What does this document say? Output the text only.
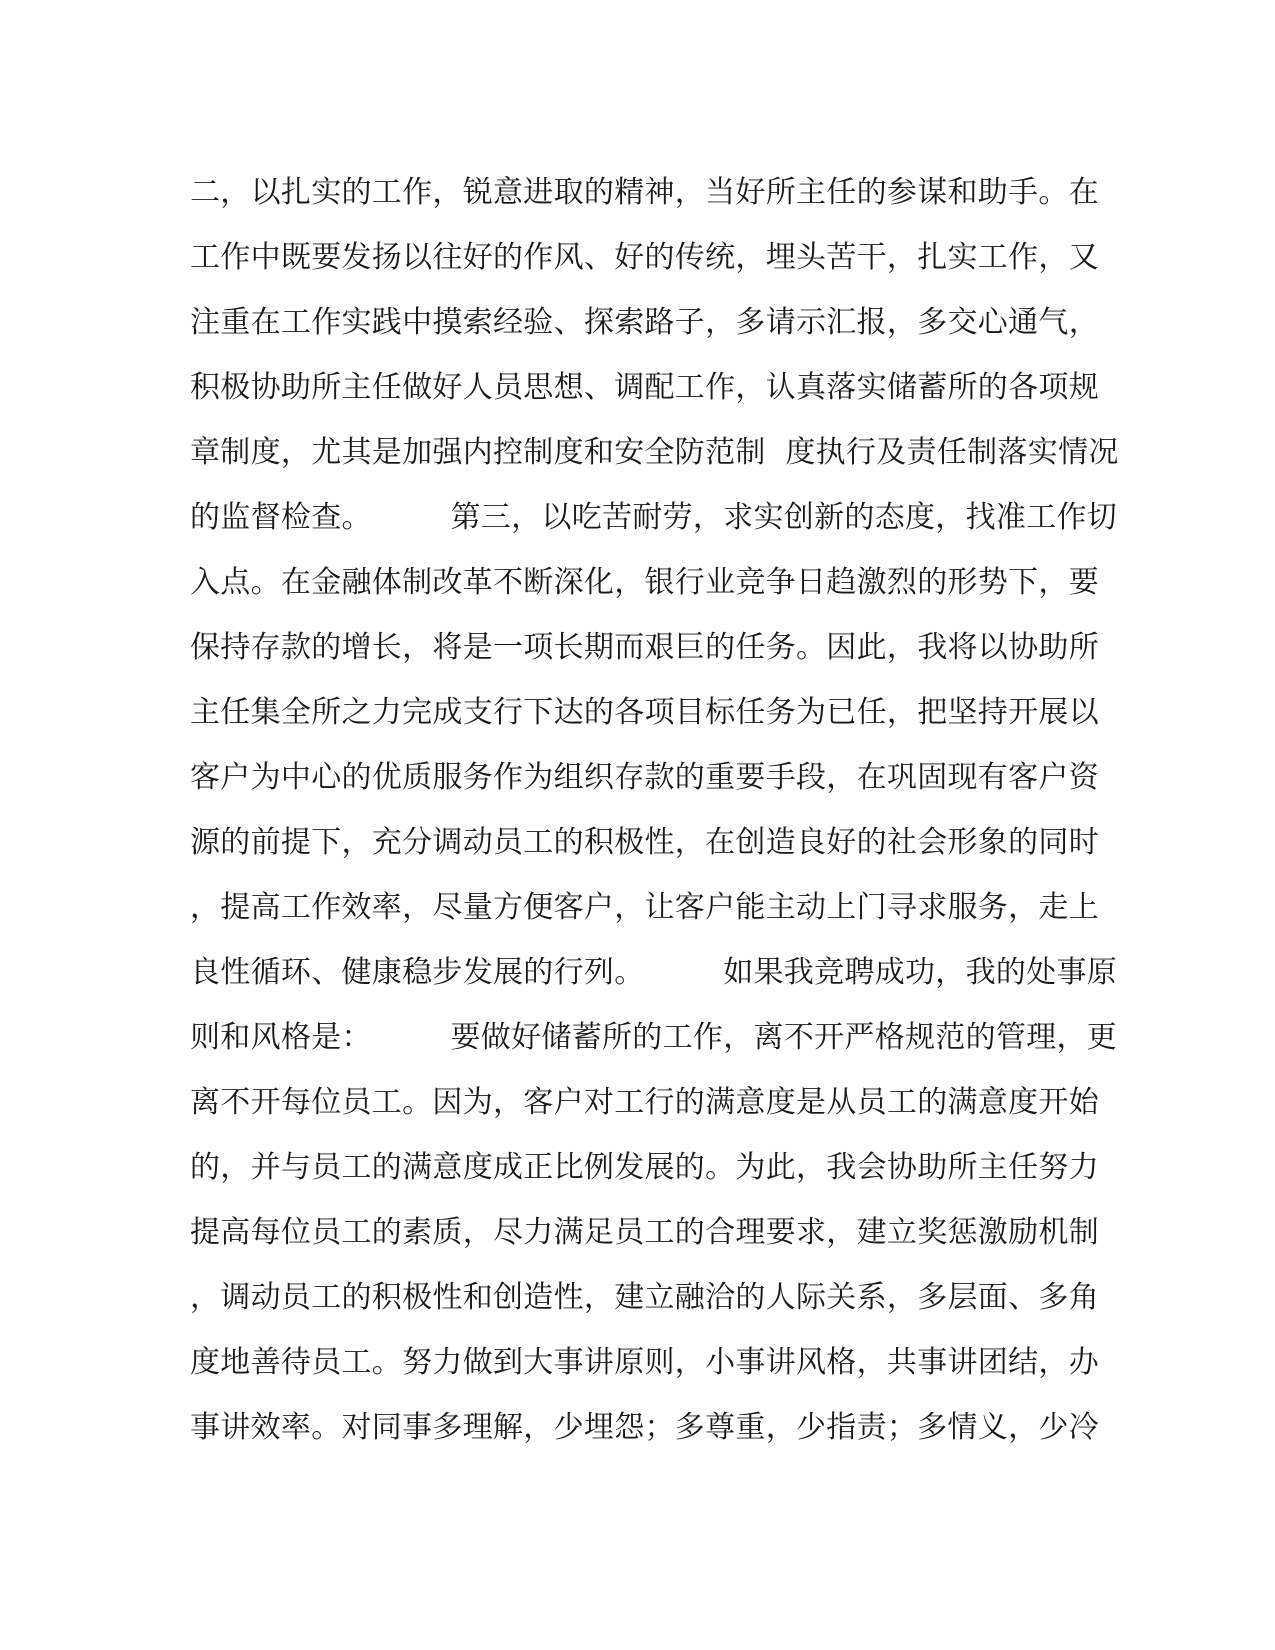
二，以扎实的工作，锐意进取的精神，当好所主任的参谋和助手。在
工作中既要发扬以往好的作风、好的传统，埋头苦干，扎实工作，又
注重在工作实践中摸索经验、探索路子，多请示汇报，多交心通气，
积极协助所主任做好人员思想、调配工作，认真落实储蓄所的各项规
章制度，尤其是加强内控制度和安全防范制  度执行及责任制落实情况
的监督检查。        第三，以吃苦耐劳，求实创新的态度，找准工作切
入点。在金融体制改革不断深化，银行业竞争日趋激烈的形势下，要
保持存款的增长，将是一项长期而艰巨的任务。因此，我将以协助所
主任集全所之力完成支行下达的各项目标任务为已任，把坚持开展以
客户为中心的优质服务作为组织存款的重要手段，在巩固现有客户资
源的前提下，充分调动员工的积极性，在创造良好的社会形象的同时
，提高工作效率，尽量方便客户，让客户能主动上门寻求服务，走上
良性循环、健康稳步发展的行列。        如果我竞聘成功，我的处事原
则和风格是：        要做好储蓄所的工作，离不开严格规范的管理，更
离不开每位员工。因为，客户对工行的满意度是从员工的满意度开始
的，并与员工的满意度成正比例发展的。为此，我会协助所主任努力
提高每位员工的素质，尽力满足员工的合理要求，建立奖惩激励机制
，调动员工的积极性和创造性，建立融洽的人际关系，多层面、多角
度地善待员工。努力做到大事讲原则，小事讲风格，共事讲团结，办
事讲效率。对同事多理解，少埋怨；多尊重，少指责；多情义，少冷
